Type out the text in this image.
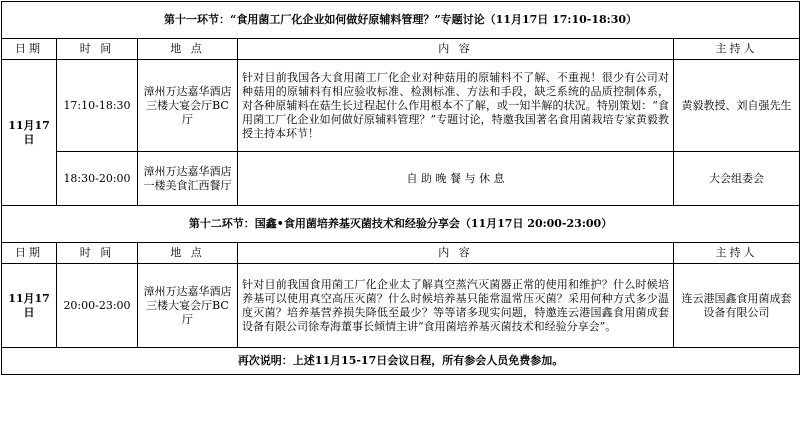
第十一环节：“食用菌工厂化企业如何做好原辅料管理？”专题讨论（11月17日 17:10-18:30）				
日期	时 间	地 点	内 容	主持人
11月17日	17:10-18:30	漳州万达嘉华酒店三楼大宴会厅BC厅	针对目前我国各大食用菌工厂化企业对种菇用的原辅料不了解、不重视！很少有公司对种菇用的原辅料有相应验收标准、检测标准、方法和手段，缺乏系统的品质控制体系，对各种原辅料在菇生长过程起什么作用根本不了解，或一知半解的状况。特别策划：“食用菌工厂化企业如何做好原辅料管理？”专题讨论，特邀我国著名食用菌栽培专家黄毅教授主持本环节！	黄毅教授、刘自强先生
	18:30-20:00	漳州万达嘉华酒店一楼美食汇西餐厅	自 助 晚 餐 与 休 息	大会组委会
第十二环节：国鑫•食用菌培养基灭菌技术和经验分享会（11月17日 20:00-23:00）				
日期	时 间	地 点	内 容	主持人
11月17日	20:00-23:00	漳州万达嘉华酒店三楼大宴会厅BC厅	针对目前我国食用菌工厂化企业太了解真空蒸汽灭菌器正常的使用和维护？什么时候培养基可以使用真空高压灭菌？什么时候培养基只能常温常压灭菌？采用何种方式多少温度灭菌？培养基营养损失降低至最少？等等诸多现实问题，特邀连云港国鑫食用菌成套设备有限公司徐寿海董事长倾情主讲“食用菌培养基灭菌技术和经验分享会”。	连云港国鑫食用菌成套设备有限公司
再次说明：上述11月15-17日会议日程，所有参会人员免费参加。				
